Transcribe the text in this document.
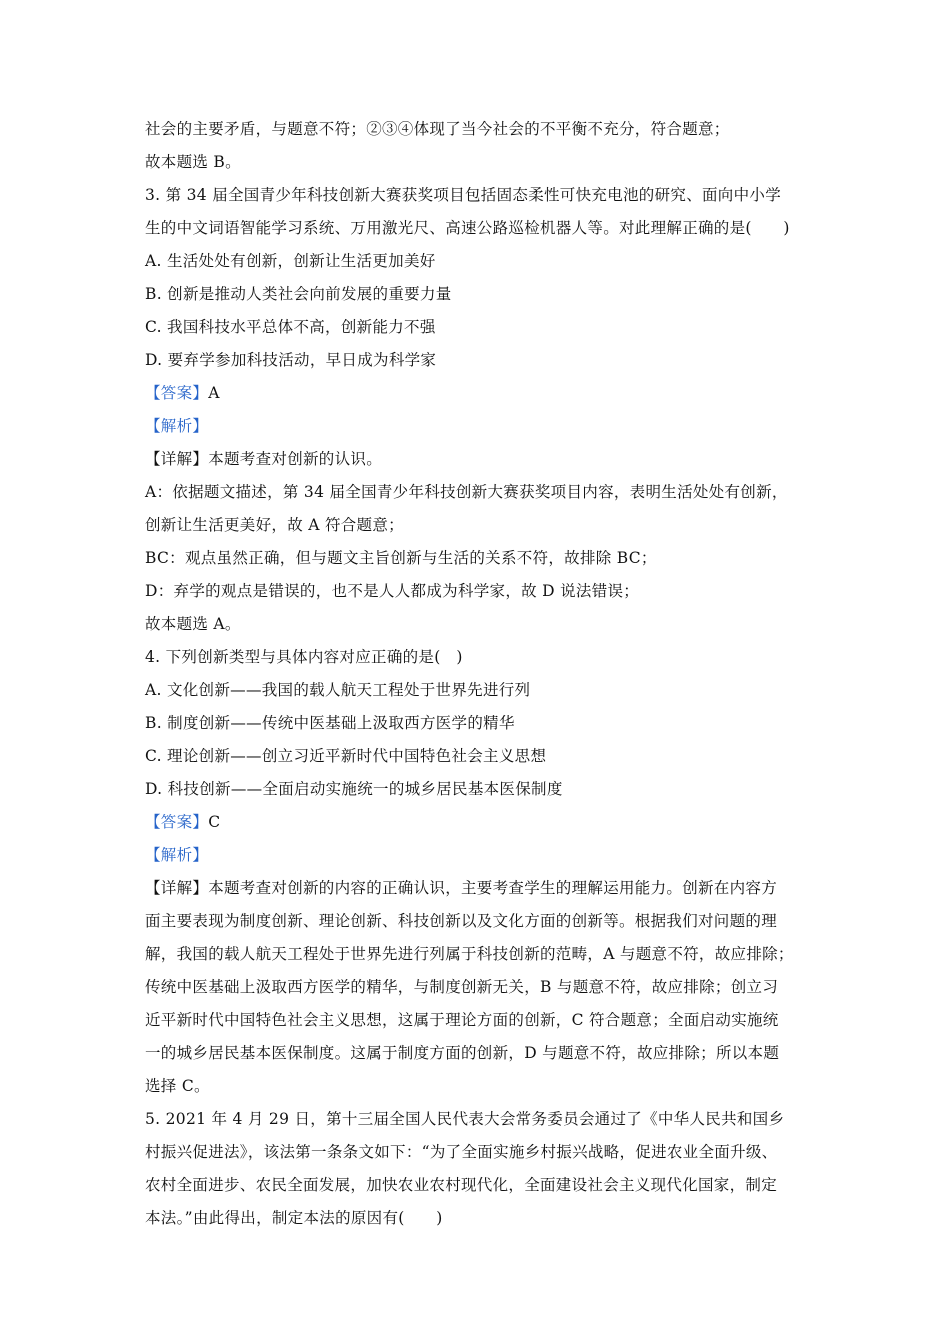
社会的主要矛盾，与题意不符；②③④体现了当今社会的不平衡不充分，符合题意；
故本题选 B。
3. 第 34 届全国青少年科技创新大赛获奖项目包括固态柔性可快充电池的研究、面向中小学
生的中文词语智能学习系统、万用激光尺、高速公路巡检机器人等。对此理解正确的是(　　)
A. 生活处处有创新，创新让生活更加美好
B. 创新是推动人类社会向前发展的重要力量
C. 我国科技水平总体不高，创新能力不强
D. 要弃学参加科技活动，早日成为科学家
【答案】A
【解析】
【详解】本题考查对创新的认识。
A：依据题文描述，第 34 届全国青少年科技创新大赛获奖项目内容，表明生活处处有创新，
创新让生活更美好，故 A 符合题意；
BC：观点虽然正确，但与题文主旨创新与生活的关系不符，故排除 BC；
D：弃学的观点是错误的，也不是人人都成为科学家，故 D 说法错误；
故本题选 A。
4. 下列创新类型与具体内容对应正确的是(　)
A. 文化创新——我国的载人航天工程处于世界先进行列
B. 制度创新——传统中医基础上汲取西方医学的精华
C. 理论创新——创立习近平新时代中国特色社会主义思想
D. 科技创新——全面启动实施统一的城乡居民基本医保制度
【答案】C
【解析】
【详解】本题考查对创新的内容的正确认识，主要考查学生的理解运用能力。创新在内容方
面主要表现为制度创新、理论创新、科技创新以及文化方面的创新等。根据我们对问题的理
解，我国的载人航天工程处于世界先进行列属于科技创新的范畴，A 与题意不符，故应排除；
传统中医基础上汲取西方医学的精华，与制度创新无关，B 与题意不符，故应排除；创立习
近平新时代中国特色社会主义思想，这属于理论方面的创新，C 符合题意；全面启动实施统
一的城乡居民基本医保制度。这属于制度方面的创新，D 与题意不符，故应排除；所以本题
选择 C。
5. 2021 年 4 月 29 日，第十三届全国人民代表大会常务委员会通过了《中华人民共和国乡
村振兴促进法》，该法第一条条文如下：“为了全面实施乡村振兴战略，促进农业全面升级、
农村全面进步、农民全面发展，加快农业农村现代化，全面建设社会主义现代化国家，制定
本法。”由此得出，制定本法的原因有(　　)
